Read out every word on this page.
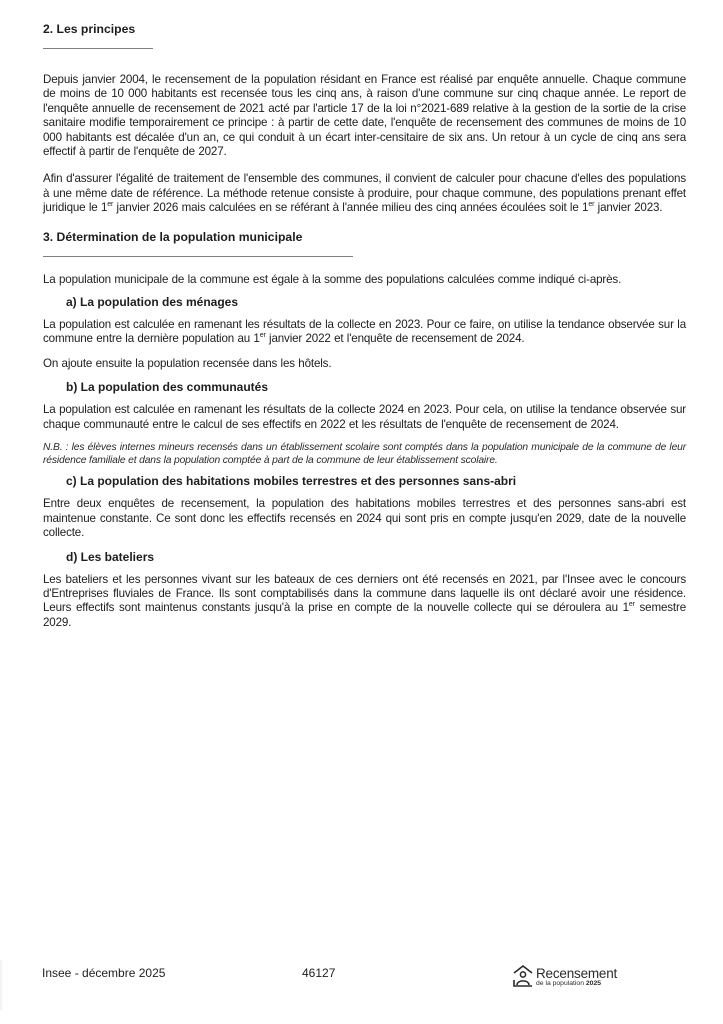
2. Les principes

Depuis janvier 2004, le recensement de la population résidant en France est réalisé par enquête annuelle. Chaque commune de moins de 10 000 habitants est recensée tous les cinq ans, à raison d'une commune sur cinq chaque année. Le report de l'enquête annuelle de recensement de 2021 acté par l'article 17 de la loi n°2021-689 relative à la gestion de la sortie de la crise sanitaire modifie temporairement ce principe : à partir de cette date, l'enquête de recensement des communes de moins de 10 000 habitants est décalée d'un an, ce qui conduit à un écart inter-censitaire de six ans. Un retour à un cycle de cinq ans sera effectif à partir de l'enquête de 2027.

Afin d'assurer l'égalité de traitement de l'ensemble des communes, il convient de calculer pour chacune d'elles des populations à une même date de référence. La méthode retenue consiste à produire, pour chaque commune, des populations prenant effet juridique le 1er janvier 2026 mais calculées en se référant à l'année milieu des cinq années écoulées soit le 1er janvier 2023.

3. Détermination de la population municipale

La population municipale de la commune est égale à la somme des populations calculées comme indiqué ci-après.

a) La population des ménages

La population est calculée en ramenant les résultats de la collecte en 2023. Pour ce faire, on utilise la tendance observée sur la commune entre la dernière population au 1er janvier 2022 et l'enquête de recensement de 2024.

On ajoute ensuite la population recensée dans les hôtels.

b) La population des communautés

La population est calculée en ramenant les résultats de la collecte 2024 en 2023. Pour cela, on utilise la tendance observée sur chaque communauté entre le calcul de ses effectifs en 2022 et les résultats de l'enquête de recensement de 2024.

N.B. : les élèves internes mineurs recensés dans un établissement scolaire sont comptés dans la population municipale de la commune de leur résidence familiale et dans la population comptée à part de la commune de leur établissement scolaire.

c) La population des habitations mobiles terrestres et des personnes sans-abri

Entre deux enquêtes de recensement, la population des habitations mobiles terrestres et des personnes sans-abri est maintenue constante. Ce sont donc les effectifs recensés en 2024 qui sont pris en compte jusqu'en 2029, date de la nouvelle collecte.

d) Les bateliers

Les bateliers et les personnes vivant sur les bateaux de ces derniers ont été recensés en 2021, par l'Insee avec le concours d'Entreprises fluviales de France. Ils sont comptabilisés dans la commune dans laquelle ils ont déclaré avoir une résidence. Leurs effectifs sont maintenus constants jusqu'à la prise en compte de la nouvelle collecte qui se déroulera au 1er semestre 2029.

Insee - décembre 2025	46127	Recensement
de la population 2025
